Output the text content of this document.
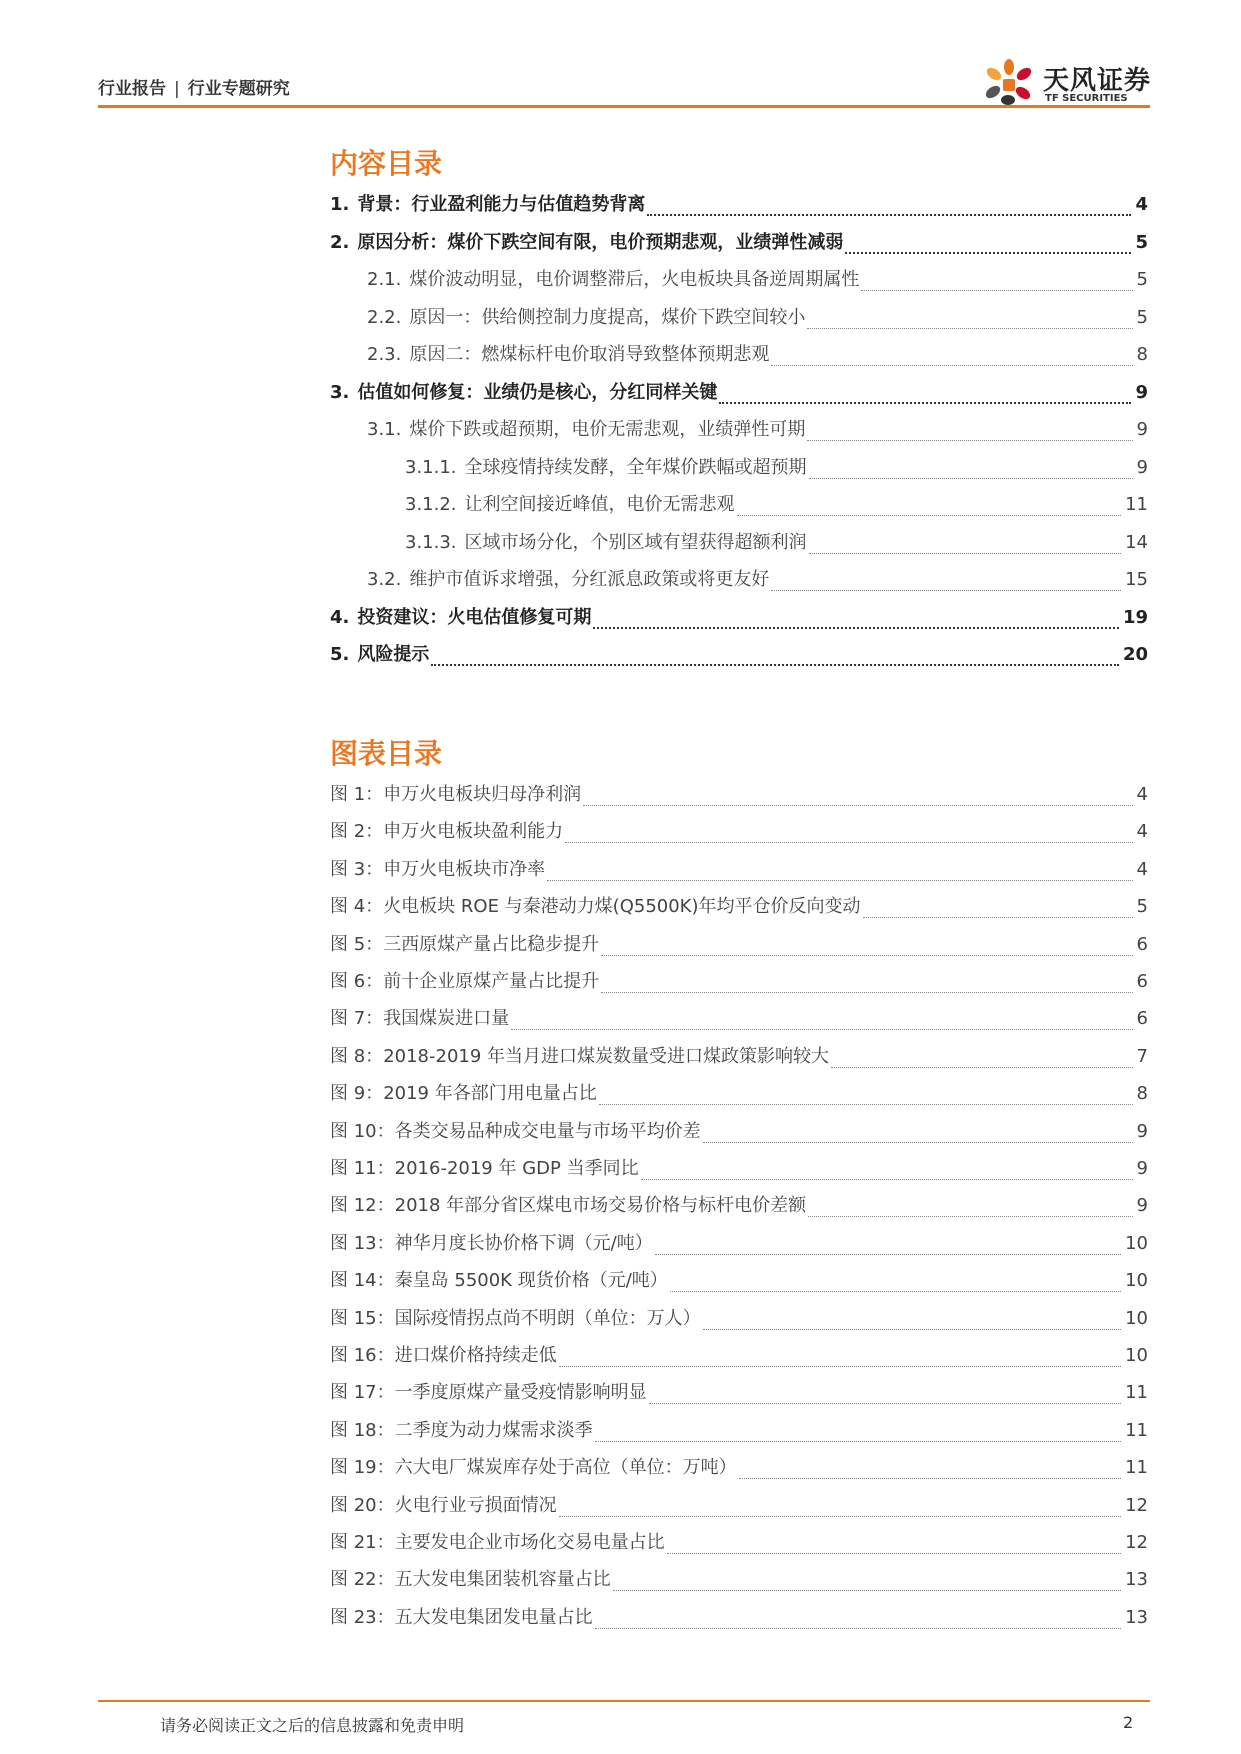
行业报告 | 行业专题研究	天风证券
TF SECURITIES
内容目录
1. 背景：行业盈利能力与估值趋势背离	4
2. 原因分析：煤价下跌空间有限，电价预期悲观，业绩弹性减弱	5
2.1. 煤价波动明显，电价调整滞后，火电板块具备逆周期属性	5
2.2. 原因一：供给侧控制力度提高，煤价下跌空间较小	5
2.3. 原因二：燃煤标杆电价取消导致整体预期悲观	8
3. 估值如何修复：业绩仍是核心，分红同样关键	9
3.1. 煤价下跌或超预期，电价无需悲观，业绩弹性可期	9
3.1.1. 全球疫情持续发酵，全年煤价跌幅或超预期	9
3.1.2. 让利空间接近峰值，电价无需悲观	11
3.1.3. 区域市场分化，个别区域有望获得超额利润	14
3.2. 维护市值诉求增强，分红派息政策或将更友好	15
4. 投资建议：火电估值修复可期	19
5. 风险提示	20
图表目录
图 1： 申万火电板块归母净利润	4
图 2： 申万火电板块盈利能力	4
图 3： 申万火电板块市净率	4
图 4： 火电板块 ROE 与秦港动力煤(Q5500K)年均平仓价反向变动	5
图 5： 三西原煤产量占比稳步提升	6
图 6： 前十企业原煤产量占比提升	6
图 7： 我国煤炭进口量	6
图 8： 2018-2019 年当月进口煤炭数量受进口煤政策影响较大	7
图 9： 2019 年各部门用电量占比	8
图 10： 各类交易品种成交电量与市场平均价差	9
图 11： 2016-2019 年 GDP 当季同比	9
图 12： 2018 年部分省区煤电市场交易价格与标杆电价差额	9
图 13： 神华月度长协价格下调（元/吨）	10
图 14： 秦皇岛 5500K 现货价格（元/吨）	10
图 15： 国际疫情拐点尚不明朗（单位：万人）	10
图 16： 进口煤价格持续走低	10
图 17： 一季度原煤产量受疫情影响明显	11
图 18： 二季度为动力煤需求淡季	11
图 19： 六大电厂煤炭库存处于高位（单位：万吨）	11
图 20： 火电行业亏损面情况	12
图 21： 主要发电企业市场化交易电量占比	12
图 22： 五大发电集团装机容量占比	13
图 23： 五大发电集团发电量占比	13
请务必阅读正文之后的信息披露和免责申明	2
